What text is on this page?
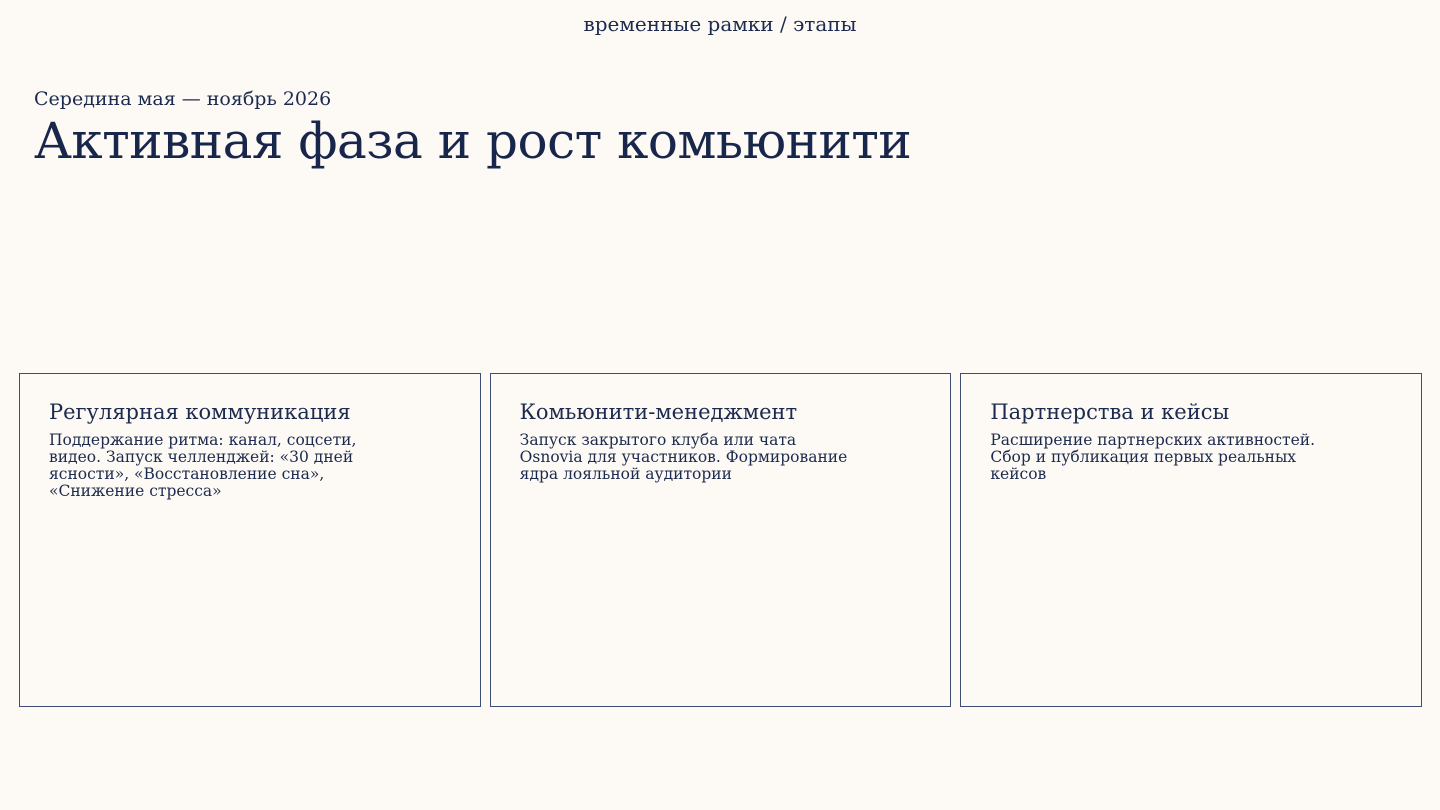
временные рамки / этапы
Середина мая — ноябрь 2026
Активная фаза и рост комьюнити
Регулярная коммуникация
Поддержание ритма: канал, соцсети, видео. Запуск челленджей: «30 дней ясности», «Восстановление сна», «Снижение стресса»
Комьюнити-менеджмент
Запуск закрытого клуба или чата Osnovia для участников. Формирование ядра лояльной аудитории
Партнерства и кейсы
Расширение партнерских активностей. Сбор и публикация первых реальных кейсов
